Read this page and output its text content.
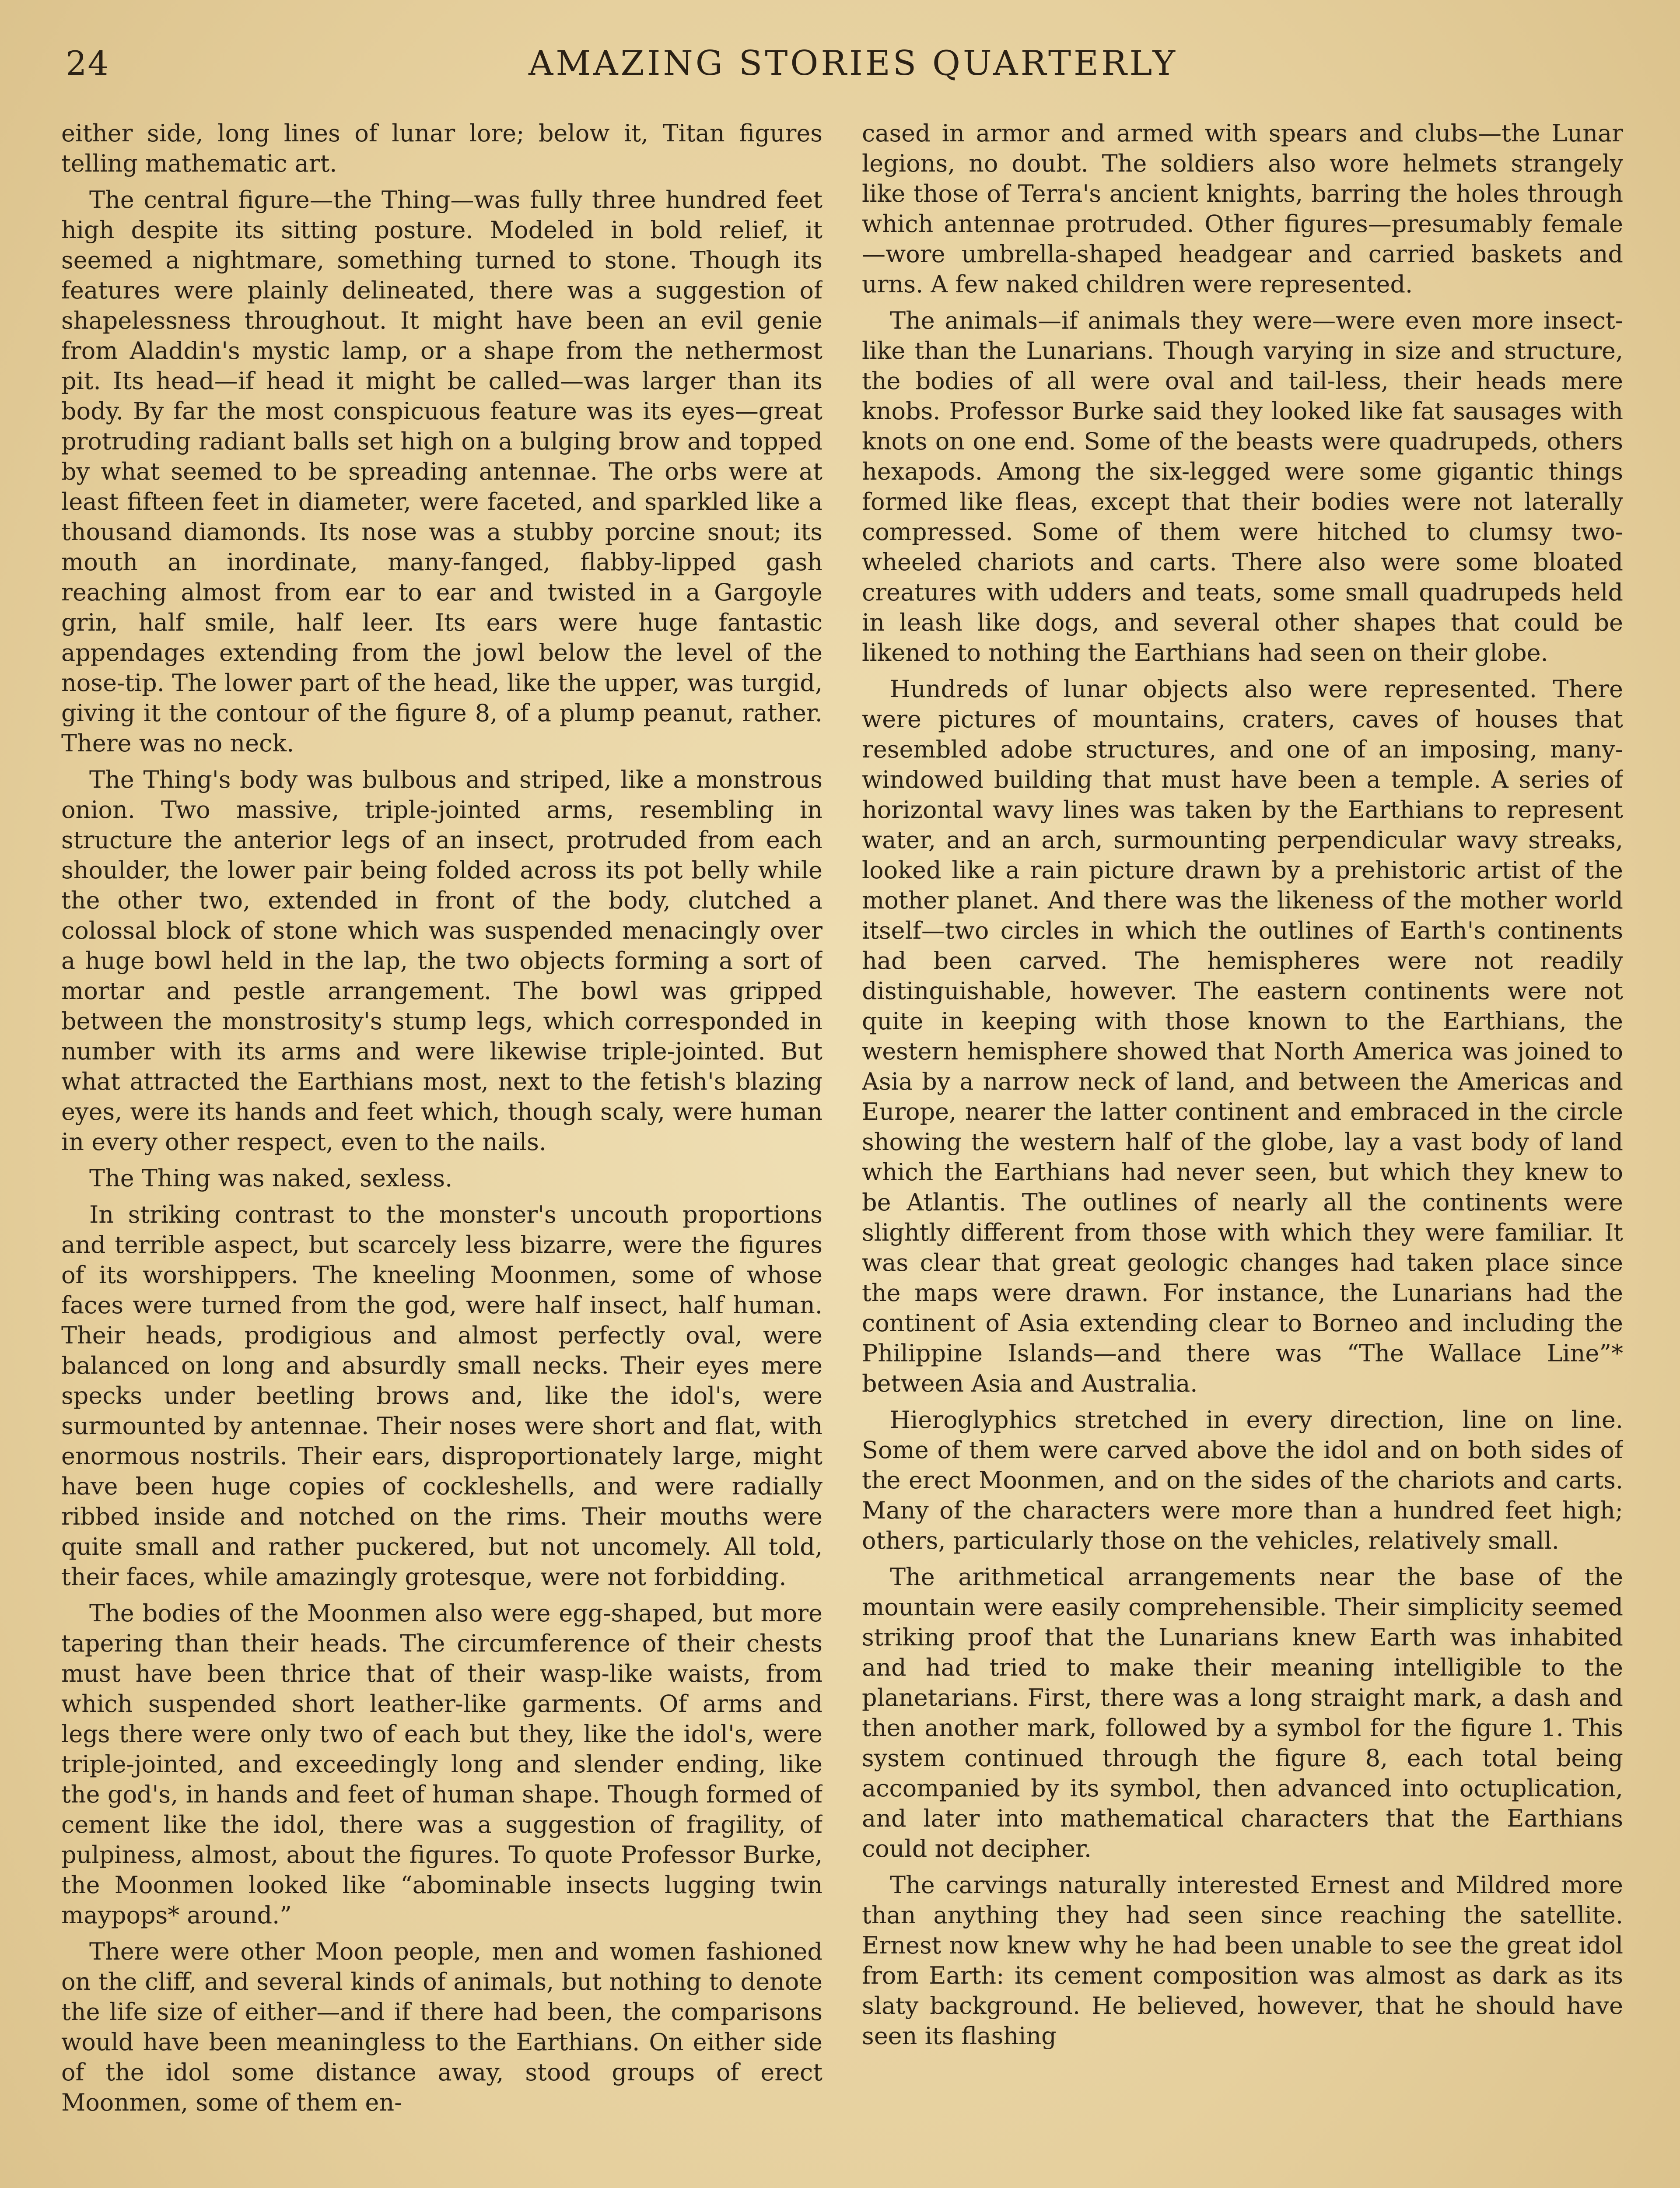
24	AMAZING STORIES QUARTERLY

either side, long lines of lunar lore; below it, Titan figures telling mathematic art.

The central figure—the Thing—was fully three hundred feet high despite its sitting posture. Modeled in bold relief, it seemed a nightmare, something turned to stone. Though its features were plainly delineated, there was a suggestion of shapelessness throughout. It might have been an evil genie from Aladdin's mystic lamp, or a shape from the nethermost pit. Its head—if head it might be called—was larger than its body. By far the most conspicuous feature was its eyes—great protruding radiant balls set high on a bulging brow and topped by what seemed to be spreading antennae. The orbs were at least fifteen feet in diameter, were faceted, and sparkled like a thousand diamonds. Its nose was a stubby porcine snout; its mouth an inordinate, many-fanged, flabby-lipped gash reaching almost from ear to ear and twisted in a Gargoyle grin, half smile, half leer. Its ears were huge fantastic appendages extending from the jowl below the level of the nose-tip. The lower part of the head, like the upper, was turgid, giving it the contour of the figure 8, of a plump peanut, rather. There was no neck.

The Thing's body was bulbous and striped, like a monstrous onion. Two massive, triple-jointed arms, resembling in structure the anterior legs of an insect, protruded from each shoulder, the lower pair being folded across its pot belly while the other two, extended in front of the body, clutched a colossal block of stone which was suspended menacingly over a huge bowl held in the lap, the two objects forming a sort of mortar and pestle arrangement. The bowl was gripped between the monstrosity's stump legs, which corresponded in number with its arms and were likewise triple-jointed. But what attracted the Earthians most, next to the fetish's blazing eyes, were its hands and feet which, though scaly, were human in every other respect, even to the nails.

The Thing was naked, sexless.

In striking contrast to the monster's uncouth proportions and terrible aspect, but scarcely less bizarre, were the figures of its worshippers. The kneeling Moonmen, some of whose faces were turned from the god, were half insect, half human. Their heads, prodigious and almost perfectly oval, were balanced on long and absurdly small necks. Their eyes mere specks under beetling brows and, like the idol's, were surmounted by antennae. Their noses were short and flat, with enormous nostrils. Their ears, disproportionately large, might have been huge copies of cockleshells, and were radially ribbed inside and notched on the rims. Their mouths were quite small and rather puckered, but not uncomely. All told, their faces, while amazingly grotesque, were not forbidding.

The bodies of the Moonmen also were egg-shaped, but more tapering than their heads. The circumference of their chests must have been thrice that of their wasp-like waists, from which suspended short leather-like garments. Of arms and legs there were only two of each but they, like the idol's, were triple-jointed, and exceedingly long and slender ending, like the god's, in hands and feet of human shape. Though formed of cement like the idol, there was a suggestion of fragility, of pulpiness, almost, about the figures. To quote Professor Burke, the Moonmen looked like “abominable insects lugging twin maypops* around.”

There were other Moon people, men and women fashioned on the cliff, and several kinds of animals, but nothing to denote the life size of either—and if there had been, the comparisons would have been meaningless to the Earthians. On either side of the idol some distance away, stood groups of erect Moonmen, some of them en-

cased in armor and armed with spears and clubs—the Lunar legions, no doubt. The soldiers also wore helmets strangely like those of Terra's ancient knights, barring the holes through which antennae protruded. Other figures—presumably female—wore umbrella-shaped headgear and carried baskets and urns. A few naked children were represented.

The animals—if animals they were—were even more insect-like than the Lunarians. Though varying in size and structure, the bodies of all were oval and tail-less, their heads mere knobs. Professor Burke said they looked like fat sausages with knots on one end. Some of the beasts were quadrupeds, others hexapods. Among the six-legged were some gigantic things formed like fleas, except that their bodies were not laterally compressed. Some of them were hitched to clumsy two-wheeled chariots and carts. There also were some bloated creatures with udders and teats, some small quadrupeds held in leash like dogs, and several other shapes that could be likened to nothing the Earthians had seen on their globe.

Hundreds of lunar objects also were represented. There were pictures of mountains, craters, caves of houses that resembled adobe structures, and one of an imposing, many-windowed building that must have been a temple. A series of horizontal wavy lines was taken by the Earthians to represent water, and an arch, surmounting perpendicular wavy streaks, looked like a rain picture drawn by a prehistoric artist of the mother planet. And there was the likeness of the mother world itself—two circles in which the outlines of Earth's continents had been carved. The hemispheres were not readily distinguishable, however. The eastern continents were not quite in keeping with those known to the Earthians, the western hemisphere showed that North America was joined to Asia by a narrow neck of land, and between the Americas and Europe, nearer the latter continent and embraced in the circle showing the western half of the globe, lay a vast body of land which the Earthians had never seen, but which they knew to be Atlantis. The outlines of nearly all the continents were slightly different from those with which they were familiar. It was clear that great geologic changes had taken place since the maps were drawn. For instance, the Lunarians had the continent of Asia extending clear to Borneo and including the Philippine Islands—and there was “The Wallace Line”* between Asia and Australia.

Hieroglyphics stretched in every direction, line on line. Some of them were carved above the idol and on both sides of the erect Moonmen, and on the sides of the chariots and carts. Many of the characters were more than a hundred feet high; others, particularly those on the vehicles, relatively small.

The arithmetical arrangements near the base of the mountain were easily comprehensible. Their simplicity seemed striking proof that the Lunarians knew Earth was inhabited and had tried to make their meaning intelligible to the planetarians. First, there was a long straight mark, a dash and then another mark, followed by a symbol for the figure 1. This system continued through the figure 8, each total being accompanied by its symbol, then advanced into octuplication, and later into mathematical characters that the Earthians could not decipher.

The carvings naturally interested Ernest and Mildred more than anything they had seen since reaching the satellite. Ernest now knew why he had been unable to see the great idol from Earth: its cement composition was almost as dark as its slaty background. He believed, however, that he should have seen its flashing
